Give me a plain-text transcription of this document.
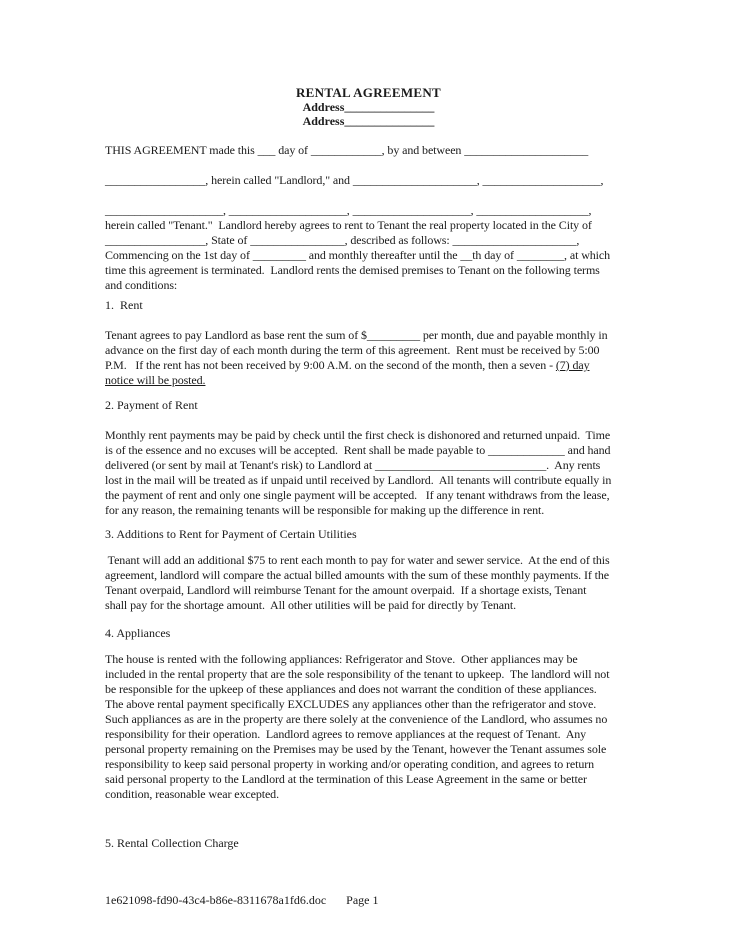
RENTAL AGREEMENT
Address_______________
Address_______________
THIS AGREEMENT made this ___ day of ____________, by and between _____________________
_________________, herein called "Landlord," and _____________________, ____________________,
____________________, ____________________, ____________________, ___________________,
herein called "Tenant."  Landlord hereby agrees to rent to Tenant the real property located in the City of
_________________, State of ________________, described as follows: _____________________,
Commencing on the 1st day of _________ and monthly thereafter until the __th day of ________, at which
time this agreement is terminated.  Landlord rents the demised premises to Tenant on the following terms
and conditions:
1.  Rent
Tenant agrees to pay Landlord as base rent the sum of $_________ per month, due and payable monthly in
advance on the first day of each month during the term of this agreement.  Rent must be received by 5:00
P.M.   If the rent has not been received by 9:00 A.M. on the second of the month, then a seven - (7) day
notice will be posted.
2. Payment of Rent
Monthly rent payments may be paid by check until the first check is dishonored and returned unpaid.  Time
is of the essence and no excuses will be accepted.  Rent shall be made payable to _____________ and hand
delivered (or sent by mail at Tenant's risk) to Landlord at _____________________________.  Any rents
lost in the mail will be treated as if unpaid until received by Landlord.  All tenants will contribute equally in
the payment of rent and only one single payment will be accepted.   If any tenant withdraws from the lease,
for any reason, the remaining tenants will be responsible for making up the difference in rent.
3. Additions to Rent for Payment of Certain Utilities
Tenant will add an additional $75 to rent each month to pay for water and sewer service.  At the end of this
agreement, landlord will compare the actual billed amounts with the sum of these monthly payments. If the
Tenant overpaid, Landlord will reimburse Tenant for the amount overpaid.  If a shortage exists, Tenant
shall pay for the shortage amount.  All other utilities will be paid for directly by Tenant.
4. Appliances
The house is rented with the following appliances: Refrigerator and Stove.  Other appliances may be
included in the rental property that are the sole responsibility of the tenant to upkeep.  The landlord will not
be responsible for the upkeep of these appliances and does not warrant the condition of these appliances.
The above rental payment specifically EXCLUDES any appliances other than the refrigerator and stove.
Such appliances as are in the property are there solely at the convenience of the Landlord, who assumes no
responsibility for their operation.  Landlord agrees to remove appliances at the request of Tenant.  Any
personal property remaining on the Premises may be used by the Tenant, however the Tenant assumes sole
responsibility to keep said personal property in working and/or operating condition, and agrees to return
said personal property to the Landlord at the termination of this Lease Agreement in the same or better
condition, reasonable wear excepted.
5. Rental Collection Charge
1e621098-fd90-43c4-b86e-8311678a1fd6.doc Page 1
